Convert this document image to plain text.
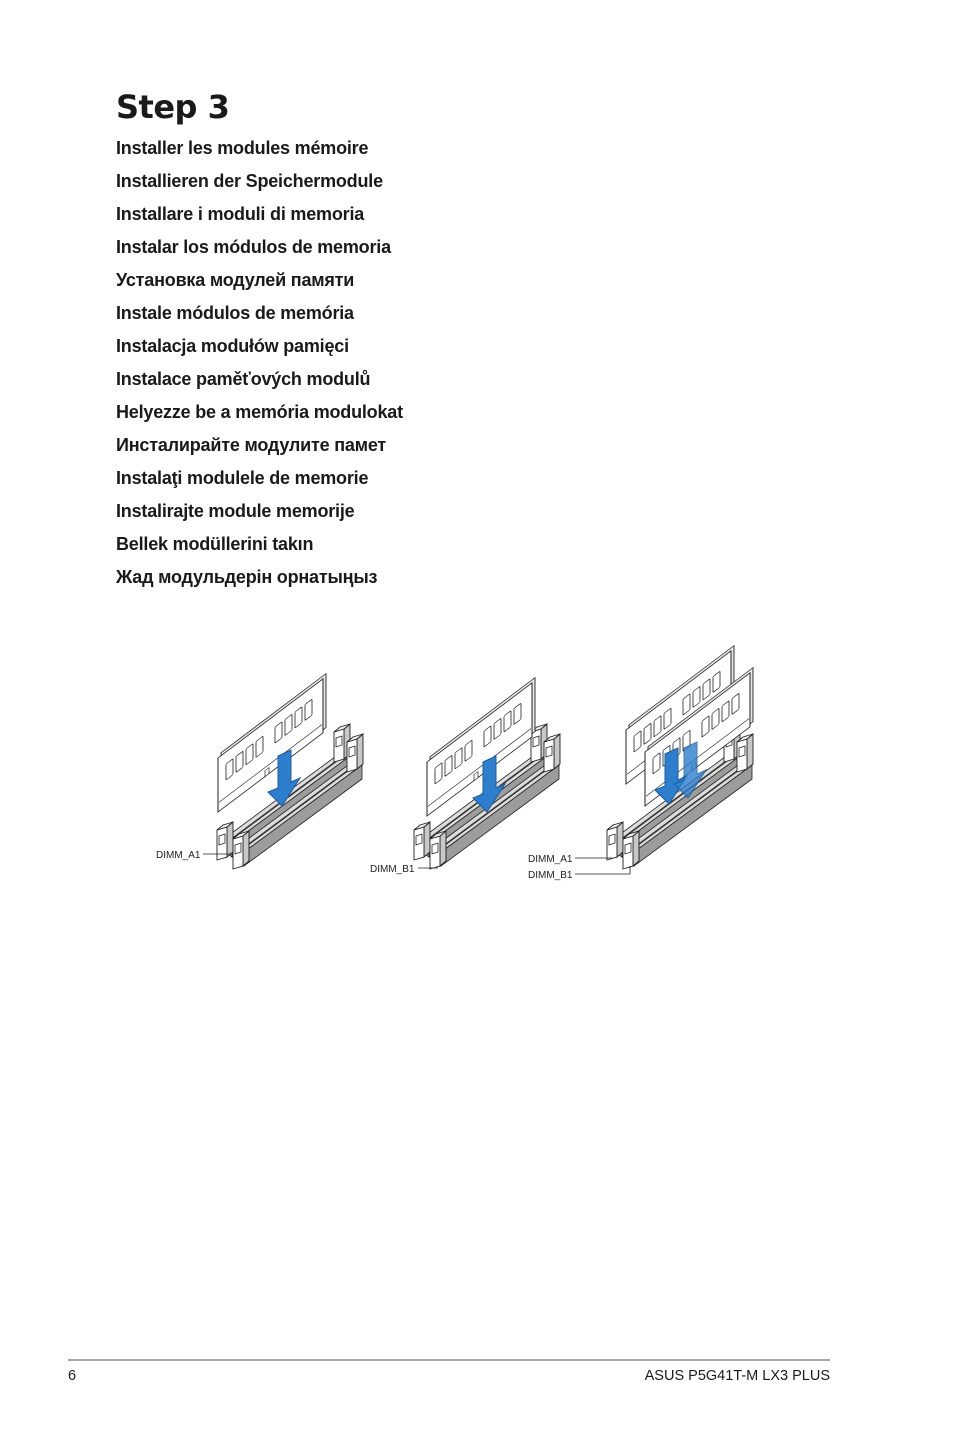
Step 3
Installer les modules mémoire
Installieren der Speichermodule
Installare i moduli di memoria
Instalar los módulos de memoria
Установка модулей памяти
Instale módulos de memória
Instalacja modułów pamięci
Instalace paměťových modulů
Helyezze be a memória modulokat
Инсталирайте модулите памет
Instalaţi modulele de memorie
Instalirajte module memorije
Bellek modüllerini takın
Жад модульдерін орнатыңыз
DIMM_A1
DIMM_B1
DIMM_A1
DIMM_B1
6	ASUS P5G41T-M LX3 PLUS
